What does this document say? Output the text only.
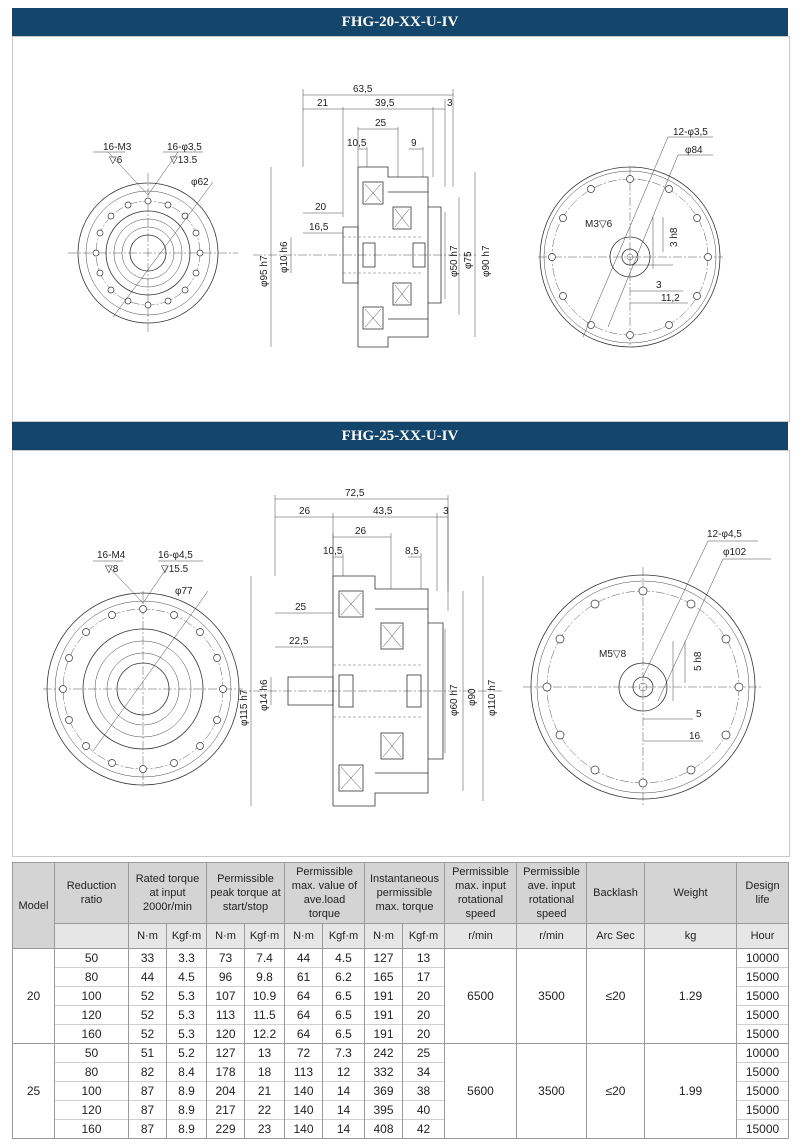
FHG-20-XX-U-IV
16-M3
▽6
16-φ3,5
▽13.5
φ62
63,5
21	39,5	3
25
10,5	9
20
16,5
φ95 h7 φ10 h6	φ50 h7 φ75 φ90 h7
12-φ3,5
φ84
M3▽6
3 h8
3
11,2
FHG-25-XX-U-IV
16-M4
▽8
16-φ4,5
▽15.5
φ77
72,5
26	43,5	3
26
10,5	8,5
25
22,5
φ115 h7 φ14 h6	φ60 h7 φ90 φ110 h7
12-φ4,5
φ102
M5▽8	5 h8
5
16
Model	Reduction ratio	Rated torque at input 2000r/min		Permissible peak torque at start/stop		Permissible max. value of ave.load torque		Instantaneous permissible max. torque		Permissible max. input rotational speed	Permissible ave. input rotational speed	Backlash	Weight	Design life
		N·m	Kgf·m	N·m	Kgf·m	N·m	Kgf·m	N·m	Kgf·m	r/min	r/min	Arc Sec	kg	Hour
20	50	33	3.3	73	7.4	44	4.5	127	13	6500	3500	≤20	1.29	10000
	80	44	4.5	96	9.8	61	6.2	165	17					15000
	100	52	5.3	107	10.9	64	6.5	191	20					15000
	120	52	5.3	113	11.5	64	6.5	191	20					15000
	160	52	5.3	120	12.2	64	6.5	191	20					15000
25	50	51	5.2	127	13	72	7.3	242	25	5600	3500	≤20	1.99	10000
	80	82	8.4	178	18	113	12	332	34					15000
	100	87	8.9	204	21	140	14	369	38					15000
	120	87	8.9	217	22	140	14	395	40					15000
	160	87	8.9	229	23	140	14	408	42					15000
